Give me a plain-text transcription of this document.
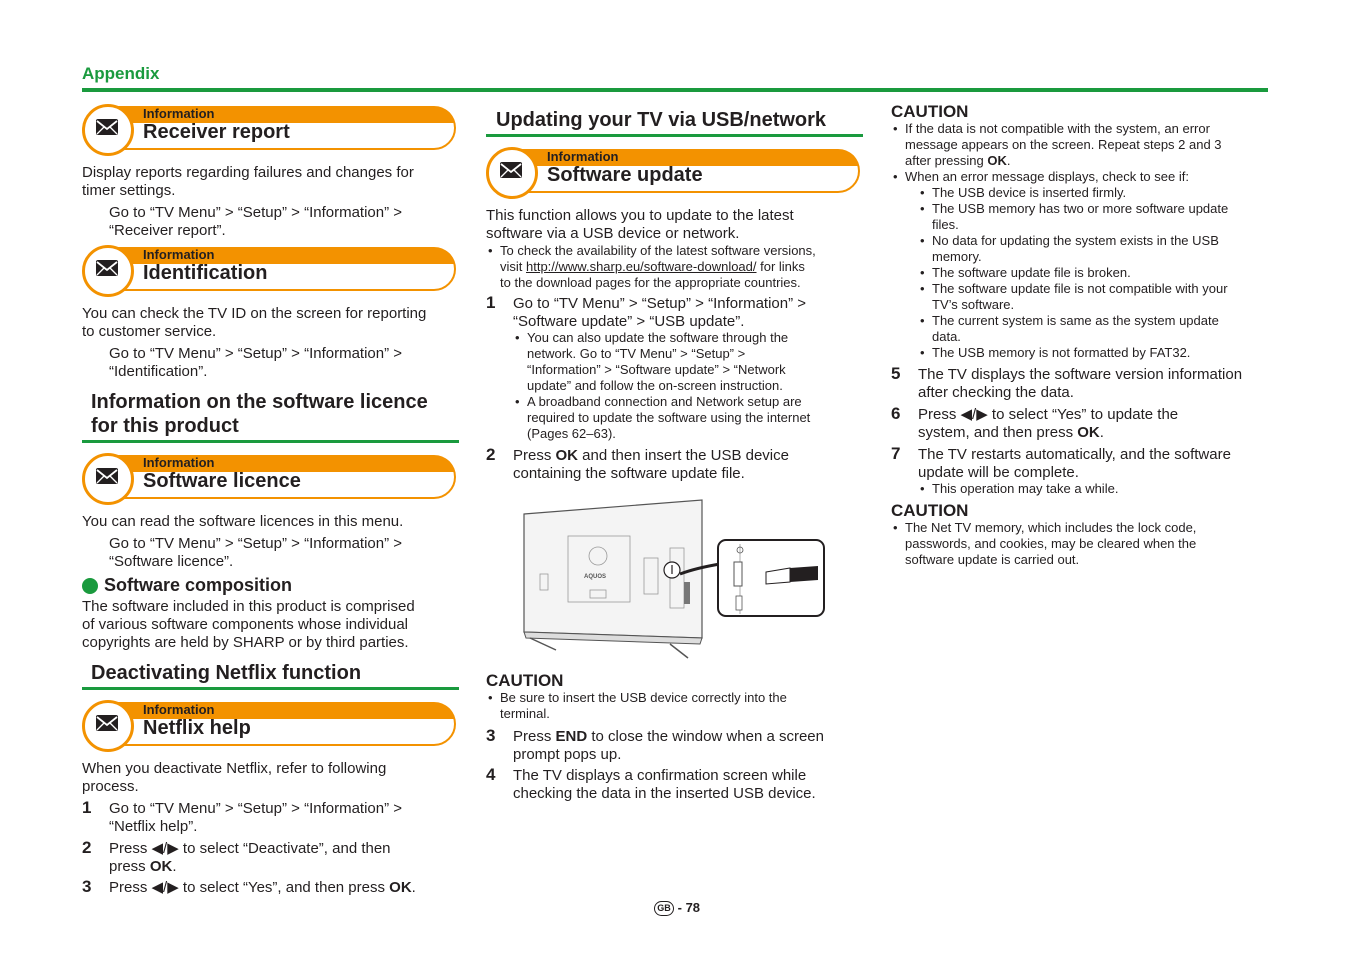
Appendix
Information
Receiver report
Display reports regarding failures and changes for
timer settings.
Go to “TV Menu” > “Setup” > “Information” >
“Receiver report”.
Information
Identification
You can check the TV ID on the screen for reporting
to customer service.
Go to “TV Menu” > “Setup” > “Information” >
“Identification”.
Information on the software licence
for this product
Information
Software licence
You can read the software licences in this menu.
Go to “TV Menu” > “Setup” > “Information” >
“Software licence”.
Software composition
The software included in this product is comprised
of various software components whose individual
copyrights are held by SHARP or by third parties.
Deactivating Netflix function
Information
Netflix help
When you deactivate Netflix, refer to following
process.
1 Go to “TV Menu” > “Setup” > “Information” >
“Netflix help”.
2 Press ◀/▶ to select “Deactivate”, and then
press OK.
3 Press ◀/▶ to select “Yes”, and then press OK.
Updating your TV via USB/network
Information
Software update
This function allows you to update to the latest
software via a USB device or network.
• To check the availability of the latest software versions,
visit http://www.sharp.eu/software-download/ for links
to the download pages for the appropriate countries.
1 Go to “TV Menu” > “Setup” > “Information” >
“Software update” > “USB update”.
• You can also update the software through the
network. Go to “TV Menu” > “Setup” >
“Information” > “Software update” > “Network
update” and follow the on-screen instruction.
• A broadband connection and Network setup are
required to update the software using the internet
(Pages 62–63).
2 Press OK and then insert the USB device
containing the software update file.
AQUOS
CAUTION
• Be sure to insert the USB device correctly into the
terminal.
3 Press END to close the window when a screen
prompt pops up.
4 The TV displays a confirmation screen while
checking the data in the inserted USB device.
CAUTION
• If the data is not compatible with the system, an error
message appears on the screen. Repeat steps 2 and 3
after pressing OK.
• When an error message displays, check to see if:
• The USB device is inserted firmly.
• The USB memory has two or more software update
files.
• No data for updating the system exists in the USB
memory.
• The software update file is broken.
• The software update file is not compatible with your
TV’s software.
• The current system is same as the system update
data.
• The USB memory is not formatted by FAT32.
5 The TV displays the software version information
after checking the data.
6 Press ◀/▶ to select “Yes” to update the
system, and then press OK.
7 The TV restarts automatically, and the software
update will be complete.
• This operation may take a while.
CAUTION
• The Net TV memory, which includes the lock code,
passwords, and cookies, may be cleared when the
software update is carried out.
GB - 78
